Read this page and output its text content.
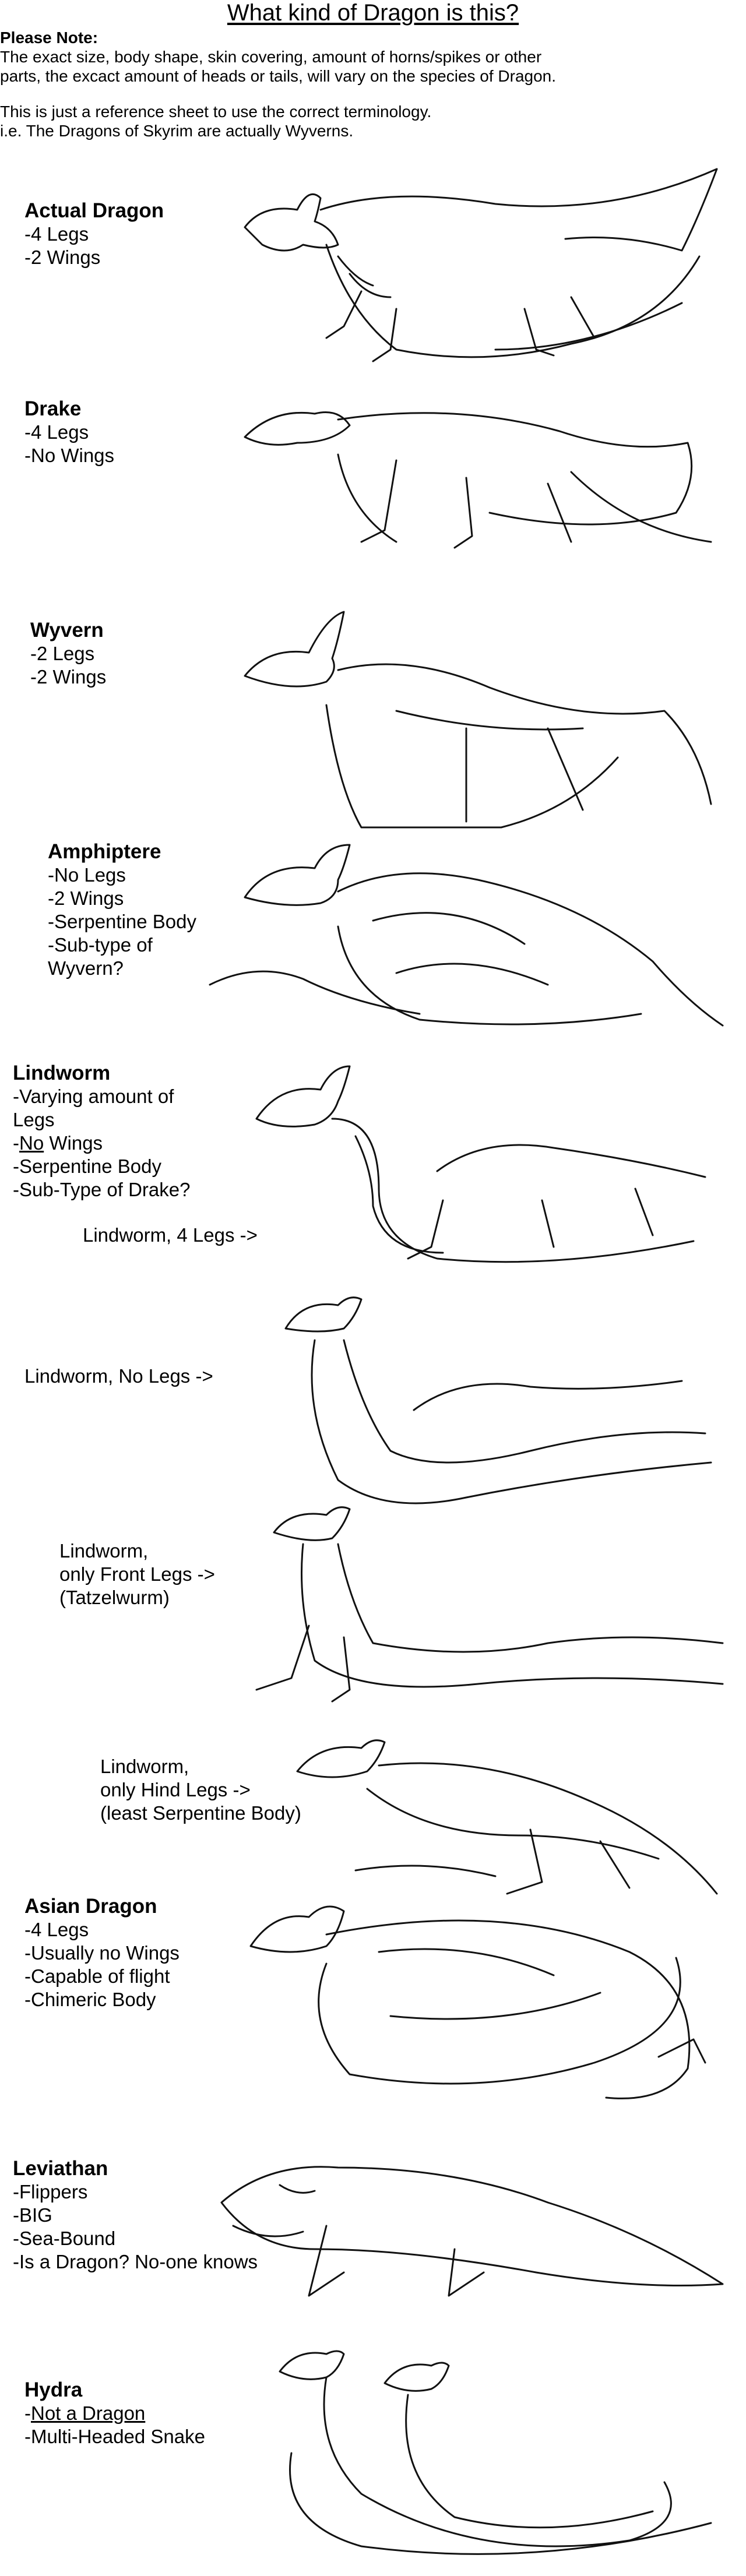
What kind of Dragon is this?
Please Note:

The exact size, body shape, skin covering, amount of horns/spikes or other

parts, the excact amount of heads or tails, will vary on the species of Dragon.

This is just a reference sheet to use the correct terminology.

i.e. The Dragons of Skyrim are actually Wyverns.

Actual Dragon
-4 Legs
-2 Wings
Drake
-4 Legs
-No Wings
Wyvern
-2 Legs
-2 Wings
Amphiptere
-No Legs
-2 Wings
-Serpentine Body
-Sub-type of
Wyvern?
Lindworm
-Varying amount of
Legs
-No Wings
-Serpentine Body
-Sub-Type of Drake?
Lindworm, 4 Legs ->
Lindworm, No Legs ->
Lindworm,
only Front Legs ->
(Tatzelwurm)
Lindworm,
only Hind Legs ->
(least Serpentine Body)
Asian Dragon
-4 Legs
-Usually no Wings
-Capable of flight
-Chimeric Body
Leviathan
-Flippers
-BIG
-Sea-Bound
-Is a Dragon? No-one knows
Hydra
-Not a Dragon
-Multi-Headed Snake
